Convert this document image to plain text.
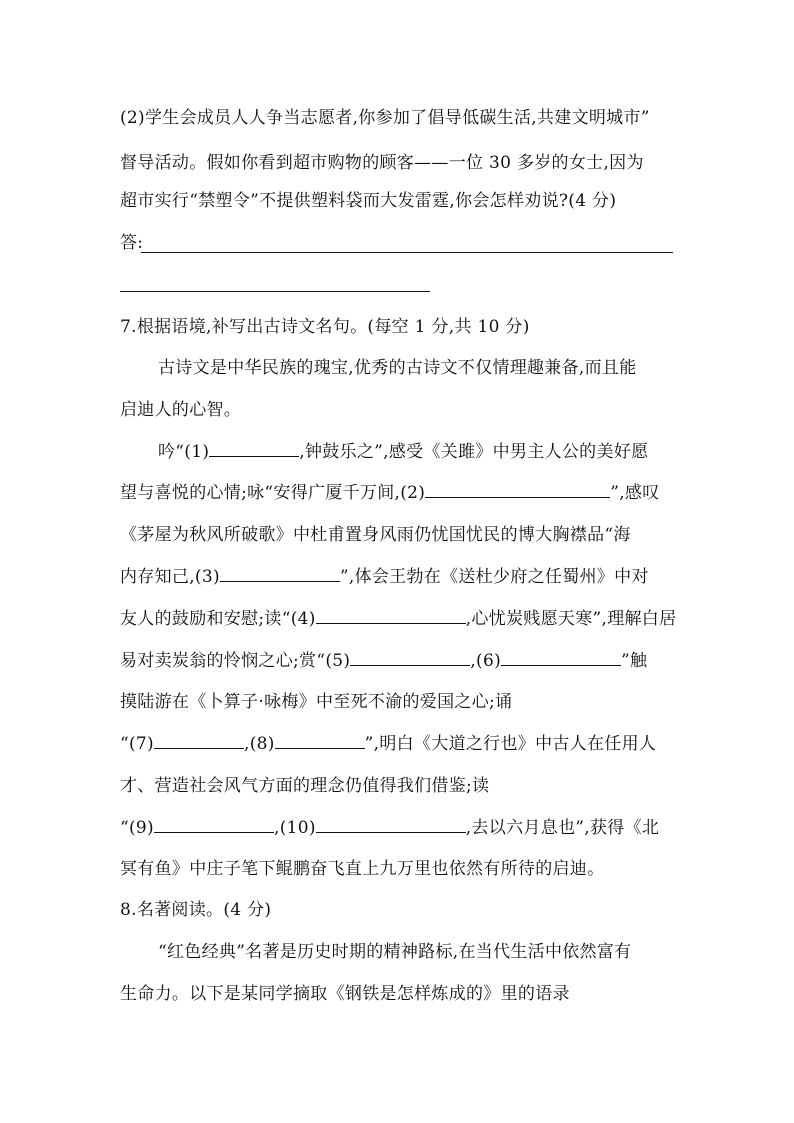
(2)学生会成员人人争当志愿者,你参加了倡导低碳生活,共建文明城市”
督导活动。假如你看到超市购物的顾客——一位 30 多岁的女士,因为
超市实行“禁塑令”不提供塑料袋而大发雷霆,你会怎样劝说?(4 分)
答:
7.根据语境,补写出古诗文名句。(每空 1 分,共 10 分)
古诗文是中华民族的瑰宝,优秀的古诗文不仅情理趣兼备,而且能
启迪人的心智。
吟“(1)	,钟鼓乐之”,感受《关雎》中男主人公的美好愿
望与喜悦的心情;咏“安得广厦千万间,(2)	”,感叹
《茅屋为秋风所破歌》中杜甫置身风雨仍忧国忧民的博大胸襟品“海
内存知己,(3)	”,体会王勃在《送杜少府之任蜀州》中对
友人的鼓励和安慰;读“(4)	,心忧炭贱愿天寒”,理解白居
易对卖炭翁的怜悯之心;赏“(5)	,(6)	”触
摸陆游在《卜算子·咏梅》中至死不渝的爱国之心;诵
“(7)	,(8)	”,明白《大道之行也》中古人在任用人
才、营造社会风气方面的理念仍值得我们借鉴;读
“(9)	,(10)	,去以六月息也”,获得《北
冥有鱼》中庄子笔下鲲鹏奋飞直上九万里也依然有所待的启迪。
8.名著阅读。(4 分)
“红色经典”名著是历史时期的精神路标,在当代生活中依然富有
生命力。以下是某同学摘取《钢铁是怎样炼成的》里的语录
